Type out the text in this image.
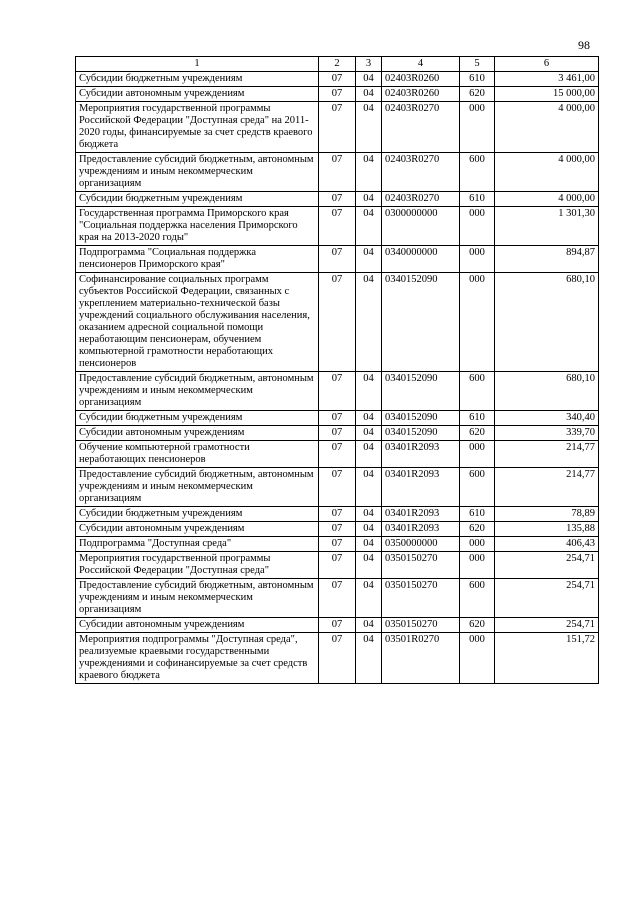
98
1	2	3	4	5	6
Субсидии бюджетным учреждениям	07	04	02403R0260	610	3 461,00
Субсидии автономным учреждениям	07	04	02403R0260	620	15 000,00
Мероприятия государственной программы Российской Федерации "Доступная среда" на 2011-2020 годы, финансируемые за счет средств краевого бюджета	07	04	02403R0270	000	4 000,00
Предоставление субсидий бюджетным, автономным учреждениям и иным некоммерческим организациям	07	04	02403R0270	600	4 000,00
Субсидии бюджетным учреждениям	07	04	02403R0270	610	4 000,00
Государственная программа Приморского края "Социальная поддержка населения Приморского края на 2013-2020 годы"	07	04	0300000000	000	1 301,30
Подпрограмма "Социальная поддержка пенсионеров Приморского края"	07	04	0340000000	000	894,87
Софинансирование социальных программ субъектов Российской Федерации, связанных с укреплением материально-технической базы учреждений социального обслуживания населения, оказанием адресной социальной помощи неработающим пенсионерам, обучением компьютерной грамотности неработающих пенсионеров	07	04	0340152090	000	680,10
Предоставление субсидий бюджетным, автономным учреждениям и иным некоммерческим организациям	07	04	0340152090	600	680,10
Субсидии бюджетным учреждениям	07	04	0340152090	610	340,40
Субсидии автономным учреждениям	07	04	0340152090	620	339,70
Обучение компьютерной грамотности неработающих пенсионеров	07	04	03401R2093	000	214,77
Предоставление субсидий бюджетным, автономным учреждениям и иным некоммерческим организациям	07	04	03401R2093	600	214,77
Субсидии бюджетным учреждениям	07	04	03401R2093	610	78,89
Субсидии автономным учреждениям	07	04	03401R2093	620	135,88
Подпрограмма "Доступная среда"	07	04	0350000000	000	406,43
Мероприятия государственной программы Российской Федерации "Доступная среда"	07	04	0350150270	000	254,71
Предоставление субсидий бюджетным, автономным учреждениям и иным некоммерческим организациям	07	04	0350150270	600	254,71
Субсидии автономным учреждениям	07	04	0350150270	620	254,71
Мероприятия подпрограммы "Доступная среда", реализуемые краевыми государственными учреждениями и софинансируемые за счет средств краевого бюджета	07	04	03501R0270	000	151,72
